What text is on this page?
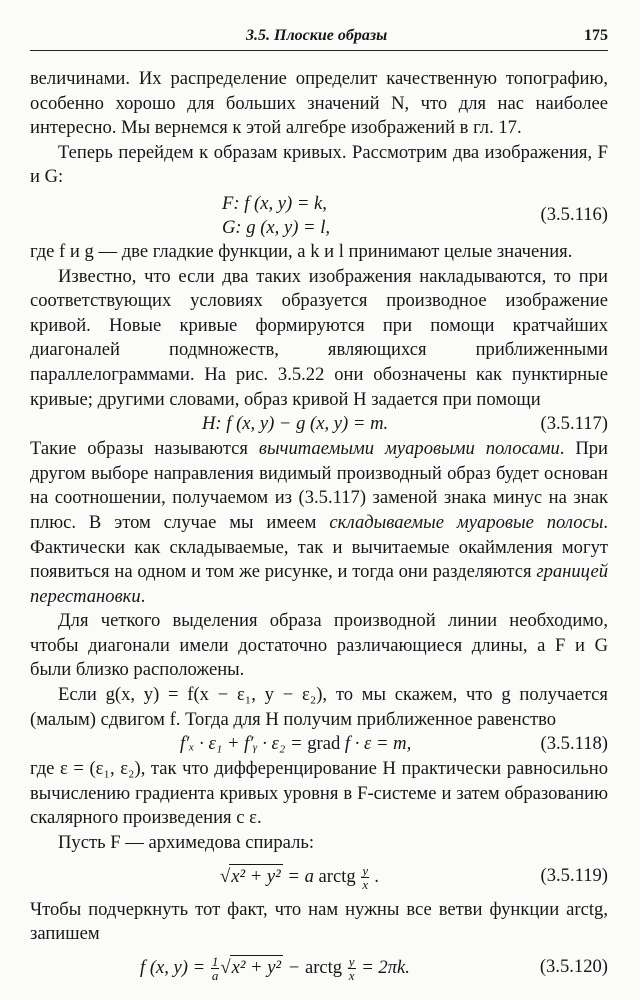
3.5. Плоские образы	175

величинами. Их распределение определит качественную топографию, особенно хорошо для больших значений N, что для нас наиболее интересно. Мы вернемся к этой алгебре изображений в гл. 17.

Теперь перейдем к образам кривых. Рассмотрим два изображения, F и G:

F: f (x, y) = k,
G: g (x, y) = l,
(3.5.116)

где f и g — две гладкие функции, а k и l принимают целые значения.

Известно, что если два таких изображения накладываются, то при соответствующих условиях образуется производное изображение кривой. Новые кривые формируются при помощи кратчайших диагоналей подмножеств, являющихся приближенными параллелограммами. На рис. 3.5.22 они обозначены как пунктирные кривые; другими словами, образ кривой H задается при помощи

H: f (x, y) − g (x, y) = m.	(3.5.117)

Такие образы называются вычитаемыми муаровыми полосами. При другом выборе направления видимый производный образ будет основан на соотношении, получаемом из (3.5.117) заменой знака минус на знак плюс. В этом случае мы имеем складываемые муаровые полосы. Фактически как складываемые, так и вычитаемые окаймления могут появиться на одном и том же рисунке, и тогда они разделяются границей перестановки.

Для четкого выделения образа производной линии необходимо, чтобы диагонали имели достаточно различающиеся длины, а F и G были близко расположены.

Если g(x, y) = f(x − ε₁, y − ε₂), то мы скажем, что g получается (малым) сдвигом f. Тогда для H получим приближенное равенство

f′ₓ · ε₁ + f′ᵧ · ε₂ = grad f · ε = m,	(3.5.118)

где ε = (ε₁, ε₂), так что дифференцирование H практически равносильно вычислению градиента кривых уровня в F-системе и затем образованию скалярного произведения с ε.

Пусть F — архимедова спираль:

√x² + y² = a arctg $\frac{y}{x}$ .	(3.5.119)

Чтобы подчеркнуть тот факт, что нам нужны все ветви функции arctg, запишем

f (x, $y) = \frac{1}{a} √x^2 + y^2$ − arctg $\frac{y}{x} = 2\pi k$.	(3.5.120)
